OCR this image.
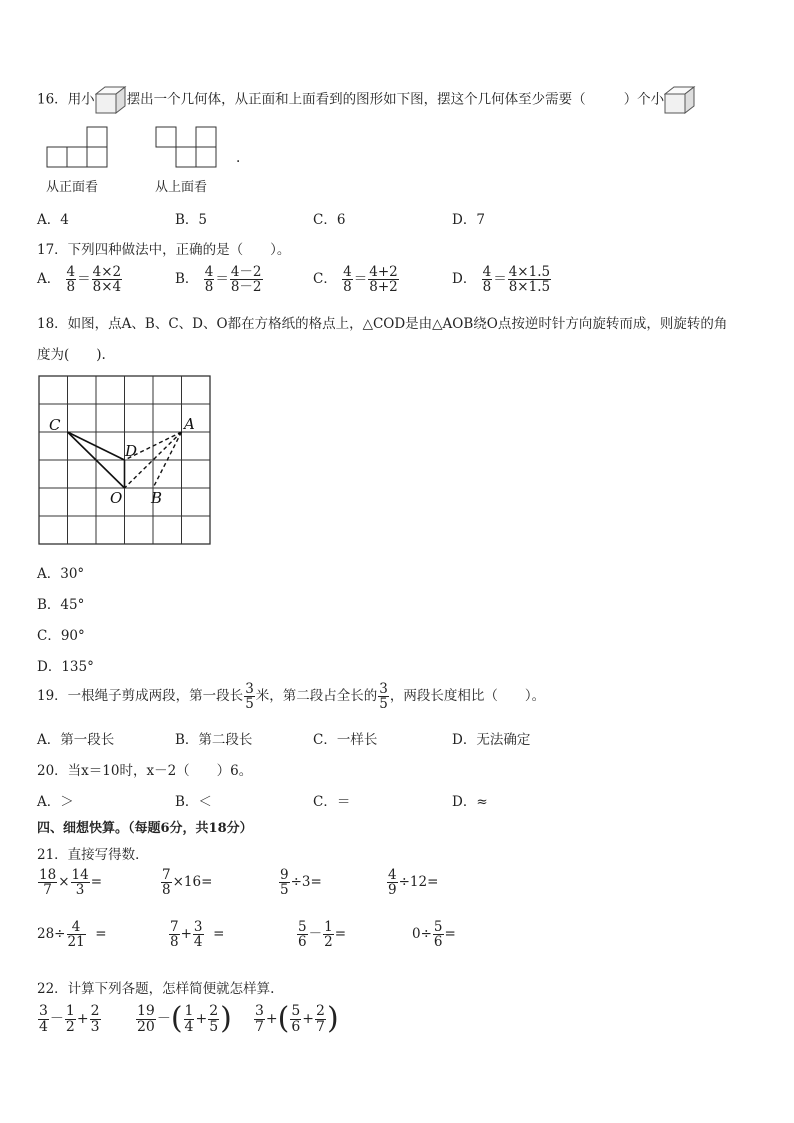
16．用小 摆出一个几何体，从正面和上面看到的图形如下图，摆这个几何体至少需要（	）个小
从正面看	从上面看
.
A．4	B．5	C．6	D．7
17．下列四种做法中，正确的是（　　）。
A． $\frac{4}{8} = \frac{4\times 2}{8\times 4}$	B． $\frac{4}{8} = \frac{4-2}{8-2}$	C． $\frac{4}{8} = \frac{4+2}{8+2}$	D． $\frac{4}{8} = \frac{4\times 1.5}{8\times 1.5}$
18．如图，点A、B、C、D、O都在方格纸的格点上，△COD是由△AOB绕O点按逆时针方向旋转而成，则旋转的角
度为(　　).
C
D
A
O B
A．30°
B．45°
C．90°
D．135°
19．一根绳子剪成两段，第一段长 $\frac{3}{5}$ 米，第二段占全长的 $\frac{3}{5}$ ，两段长度相比（　　）。
A．第一段长	B．第二段长	C．一样长	D．无法确定
20．当x＝10时，x－2（　　）6。
A．＞	B．＜	C．＝	D．≈
四、细想快算。（每题6分，共18分）
21．直接写得数．
$\frac{18}{7} \times \frac{14}{3}$ =	$\frac{7}{8} \times 16=$	$\frac{9}{5} \div 3=$	$\frac{4}{9} \div 12=$
$28\div \frac{4}{21}$ =	$\frac{7}{8} + \frac{3}{4}$ =	$\frac{5}{6} - \frac{1}{2}$ =	$0\div \frac{5}{6}$ =
22．计算下列各题，怎样简便就怎样算.
$\frac{3}{4} - \frac{1}{2} + \frac{2}{3}$	$\frac{19}{20}$ －( $\frac{1}{4} + \frac{2}{5}$ ) $\frac{3}{7}$ +( $\frac{5}{6} + \frac{2}{7}$ )
